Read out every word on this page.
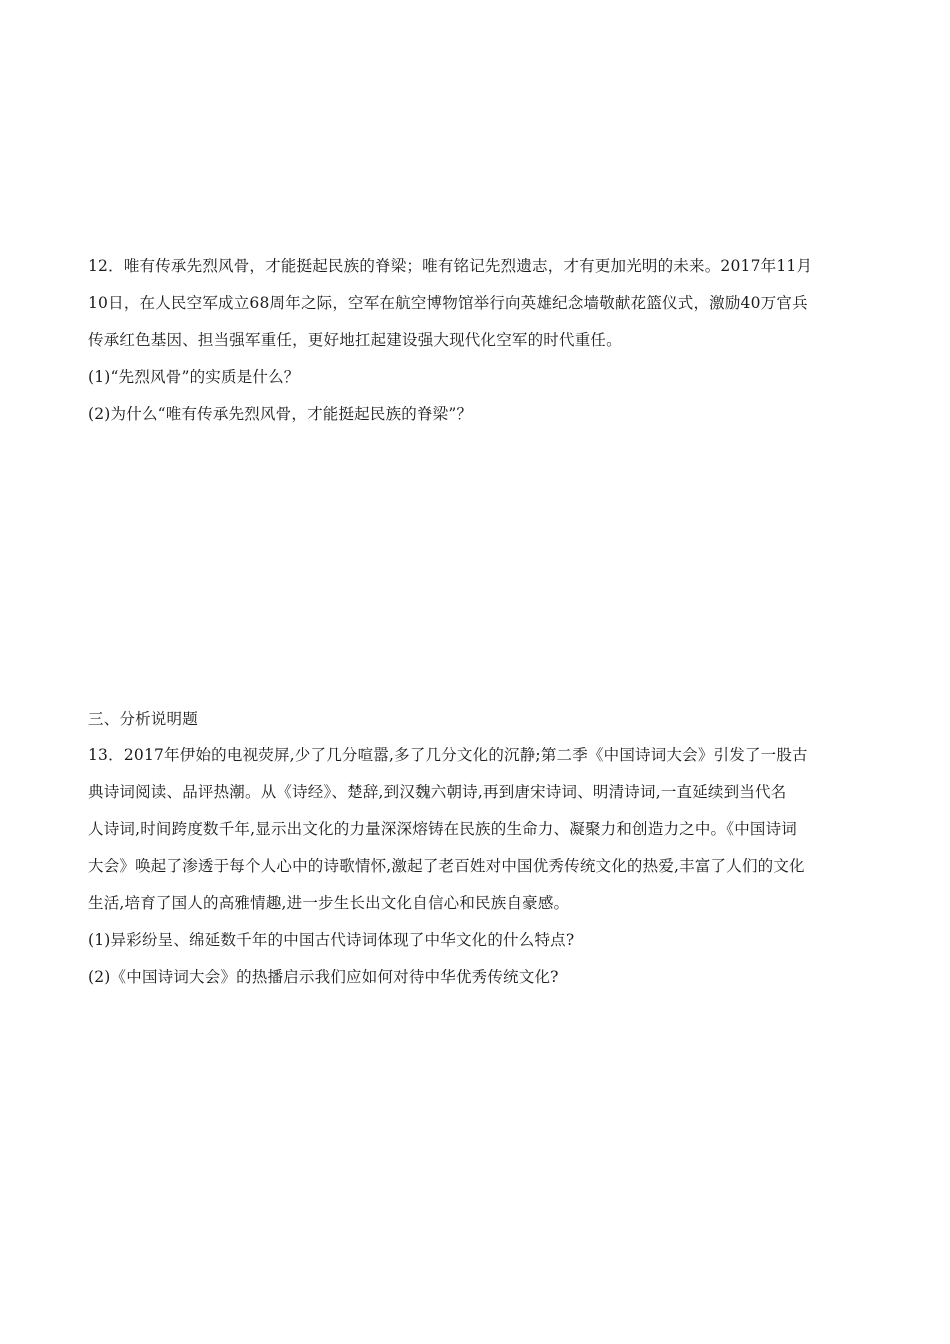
12．唯有传承先烈风骨，才能挺起民族的脊梁；唯有铭记先烈遗志，才有更加光明的未来。2017年11月
10日，在人民空军成立68周年之际，空军在航空博物馆举行向英雄纪念墙敬献花篮仪式，激励40万官兵
传承红色基因、担当强军重任，更好地扛起建设强大现代化空军的时代重任。
(1)“先烈风骨”的实质是什么？
(2)为什么“唯有传承先烈风骨，才能挺起民族的脊梁”？
三、分析说明题
13．2017年伊始的电视荧屏,少了几分喧嚣,多了几分文化的沉静;第二季《中国诗词大会》引发了一股古
典诗词阅读、品评热潮。从《诗经》、楚辞,到汉魏六朝诗,再到唐宋诗词、明清诗词,一直延续到当代名
人诗词,时间跨度数千年,显示出文化的力量深深熔铸在民族的生命力、凝聚力和创造力之中。《中国诗词
大会》唤起了渗透于每个人心中的诗歌情怀,激起了老百姓对中国优秀传统文化的热爱,丰富了人们的文化
生活,培育了国人的高雅情趣,进一步生长出文化自信心和民族自豪感。
(1)异彩纷呈、绵延数千年的中国古代诗词体现了中华文化的什么特点?
(2)《中国诗词大会》的热播启示我们应如何对待中华优秀传统文化?
